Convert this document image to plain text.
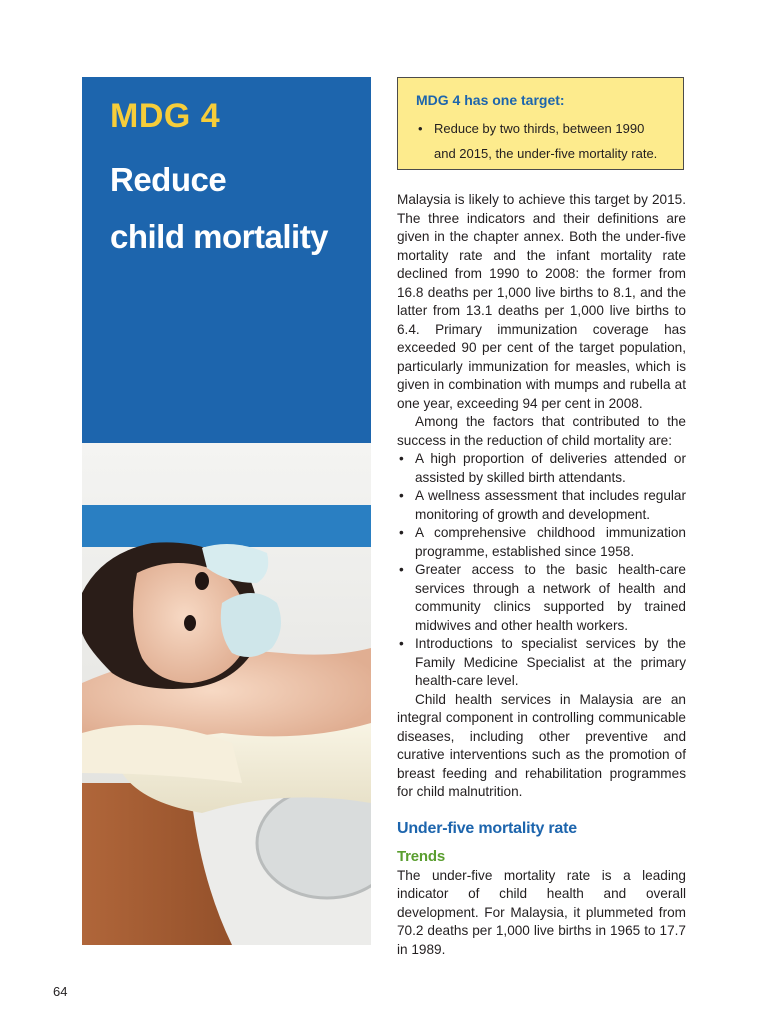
MDG 4
Reduce
child mortality

MDG 4 has one target:

• Reduce by two thirds, between 1990 and 2015, the under-five mortality rate.

Malaysia is likely to achieve this target by 2015. The three indicators and their definitions are given in the chapter annex. Both the under-five mortality rate and the infant mortality rate declined from 1990 to 2008: the former from 16.8 deaths per 1,000 live births to 8.1, and the latter from 13.1 deaths per 1,000 live births to 6.4. Primary immunization coverage has exceeded 90 per cent of the target population, particularly immunization for measles, which is given in combination with mumps and rubella at one year, exceeding 94 per cent in 2008.

Among the factors that contributed to the success in the reduction of child mortality are:

• A high proportion of deliveries attended or assisted by skilled birth attendants.
• A wellness assessment that includes regular monitoring of growth and development.
• A comprehensive childhood immunization programme, established since 1958.
• Greater access to the basic health-care services through a network of health and community clinics supported by trained midwives and other health workers.
• Introductions to specialist services by the Family Medicine Specialist at the primary health-care level.

Child health services in Malaysia are an integral component in controlling communicable diseases, including other preventive and curative interventions such as the promotion of breast feeding and rehabilitation programmes for child malnutrition.

Under-five mortality rate
Trends

The under-five mortality rate is a leading indicator of child health and overall development. For Malaysia, it plummeted from 70.2 deaths per 1,000 live births in 1965 to 17.7 in 1989.

64
